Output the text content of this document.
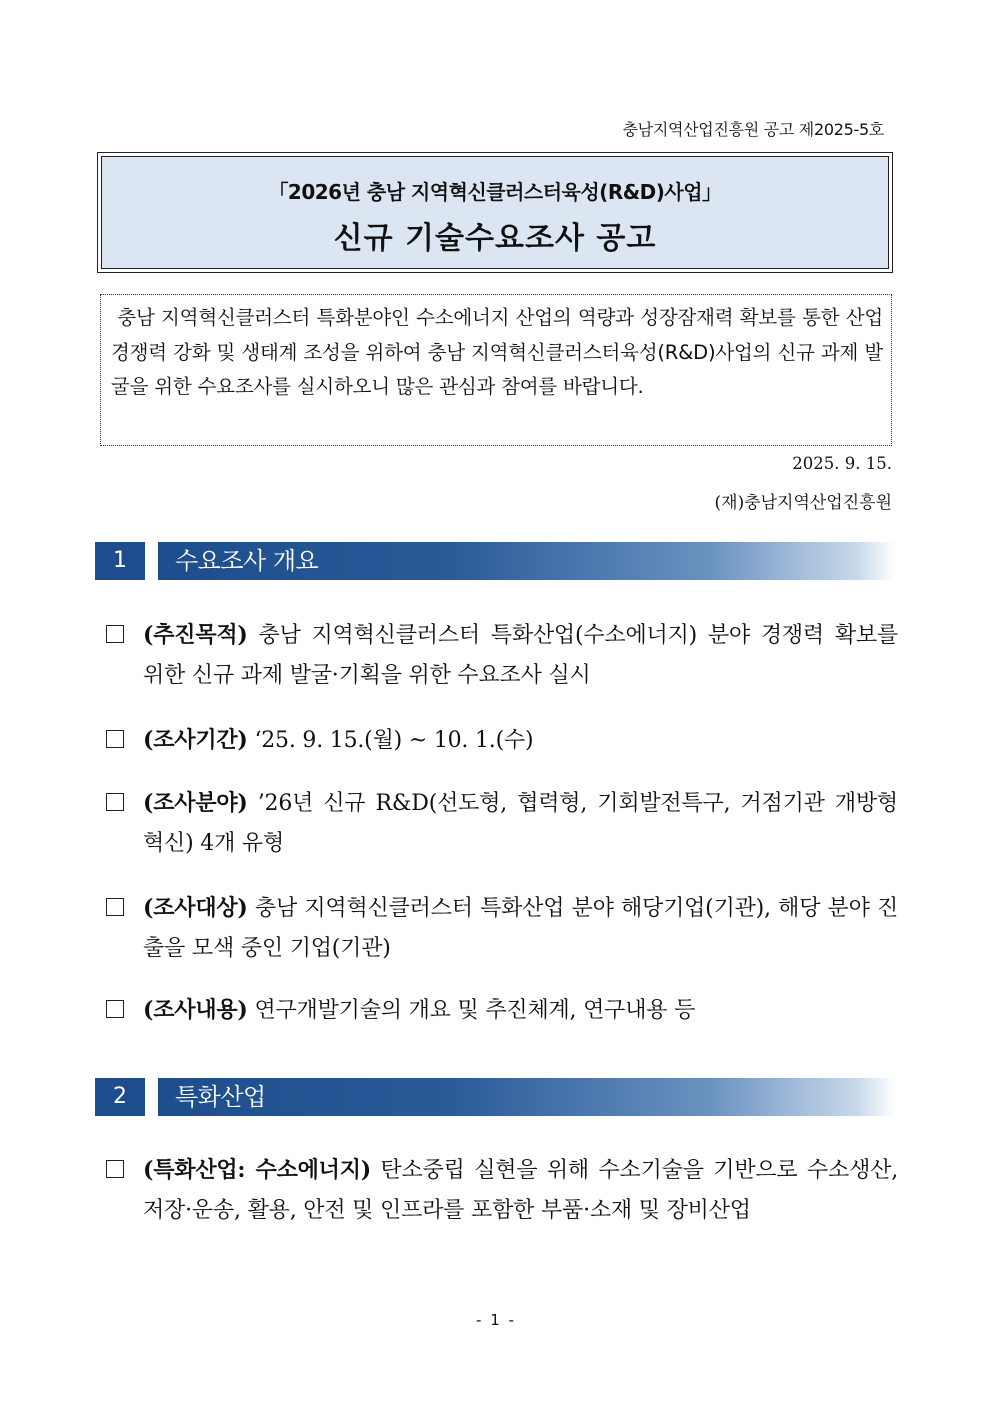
충남지역산업진흥원 공고 제2025-5호
「2026년 충남 지역혁신클러스터육성(R&D)사업」
신규 기술수요조사 공고
충남 지역혁신클러스터 특화분야인 수소에너지 산업의 역량과 성장잠재력 확보를 통한 산업경쟁력 강화 및 생태계 조성을 위하여 충남 지역혁신클러스터육성(R&D)사업의 신규 과제 발굴을 위한 수요조사를 실시하오니 많은 관심과 참여를 바랍니다.
2025. 9. 15.
(재)충남지역산업진흥원
1	수요조사 개요
(추진목적) 충남 지역혁신클러스터 특화산업(수소에너지) 분야 경쟁력 확보를 위한 신규 과제 발굴·기획을 위한 수요조사 실시
(조사기간) ‘25. 9. 15.(월) ~ 10. 1.(수)
(조사분야) ’26년 신규 R&D(선도형, 협력형, 기회발전특구, 거점기관 개방형 혁신) 4개 유형
(조사대상) 충남 지역혁신클러스터 특화산업 분야 해당기업(기관), 해당 분야 진출을 모색 중인 기업(기관)
(조사내용) 연구개발기술의 개요 및 추진체계, 연구내용 등
2	특화산업
(특화산업: 수소에너지) 탄소중립 실현을 위해 수소기술을 기반으로 수소생산, 저장·운송, 활용, 안전 및 인프라를 포함한 부품·소재 및 장비산업
- 1 -
